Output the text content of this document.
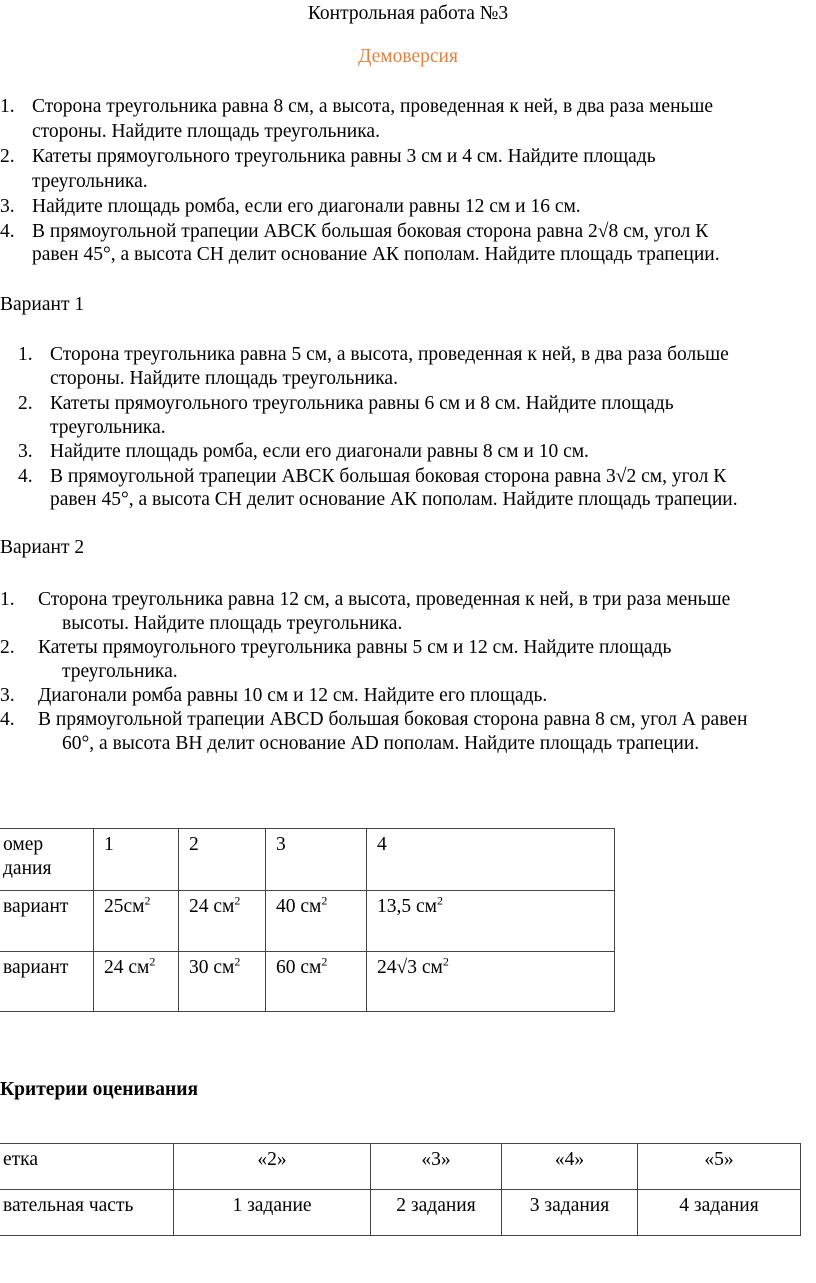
Контрольная работа №3
Демоверсия
1. Сторона треугольника равна 8 см, а высота, проведенная к ней, в два раза меньше
стороны. Найдите площадь треугольника.
2. Катеты прямоугольного треугольника равны 3 см и 4 см. Найдите площадь
треугольника.
3. Найдите площадь ромба, если его диагонали равны 12 см и 16 см.
4. В прямоугольной трапеции АВСК большая боковая сторона равна 2√8 см, угол К
равен 45°, а высота СН делит основание АК пополам. Найдите площадь трапеции.
Вариант 1
1. Сторона треугольника равна 5 см, а высота, проведенная к ней, в два раза больше
стороны. Найдите площадь треугольника.
2. Катеты прямоугольного треугольника равны 6 см и 8 см. Найдите площадь
треугольника.
3. Найдите площадь ромба, если его диагонали равны 8 см и 10 см.
4. В прямоугольной трапеции АВСК большая боковая сторона равна 3√2 см, угол К
равен 45°, а высота СН делит основание АК пополам. Найдите площадь трапеции.
Вариант 2
1. Сторона треугольника равна 12 см, а высота, проведенная к ней, в три раза меньше
высоты. Найдите площадь треугольника.
2. Катеты прямоугольного треугольника равны 5 см и 12 см. Найдите площадь
треугольника.
3. Диагонали ромба равны 10 см и 12 см. Найдите его площадь.
4. В прямоугольной трапеции ABCD большая боковая сторона равна 8 см, угол А равен
60°, а высота ВН делит основание AD пополам. Найдите площадь трапеции.
омер
дания	1	2	3	4
вариант	$25см^2$	24 $см^2$	40 $см^2$	13,5 $см^2$
вариант	24 $см^2$	30 $см^2$	60 $см^2$	24√3 $см^2$
Критерии оценивания
етка	«2»	«3»	«4»	«5»
вательная часть	1 задание	2 задания	3 задания	4 задания
